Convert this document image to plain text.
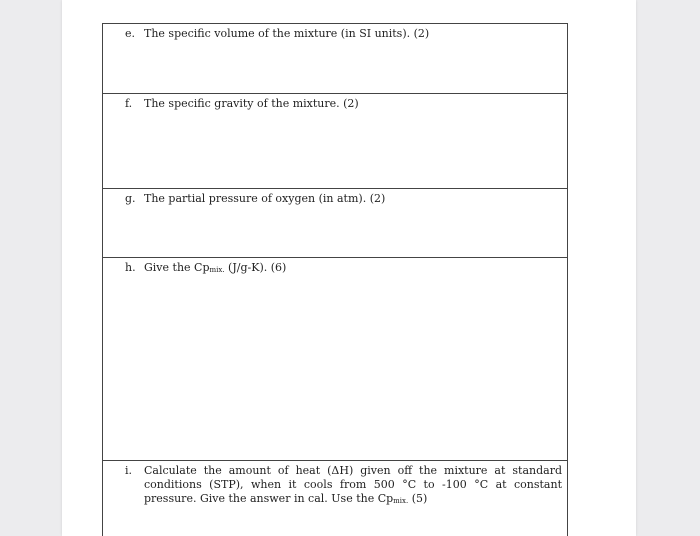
e. The specific volume of the mixture (in SI units). (2)
f.	The specific gravity of the mixture. (2)
g. The partial pressure of oxygen (in atm). (2)
h. Give the Cpmix. (J/g-K). (6)
i.	Calculate the amount of heat (ΔH) given off the mixture at standard conditions (STP), when it cools from 500 °C to -100 °C at constant pressure. Give the answer in cal. Use the Cpmix. (5)
